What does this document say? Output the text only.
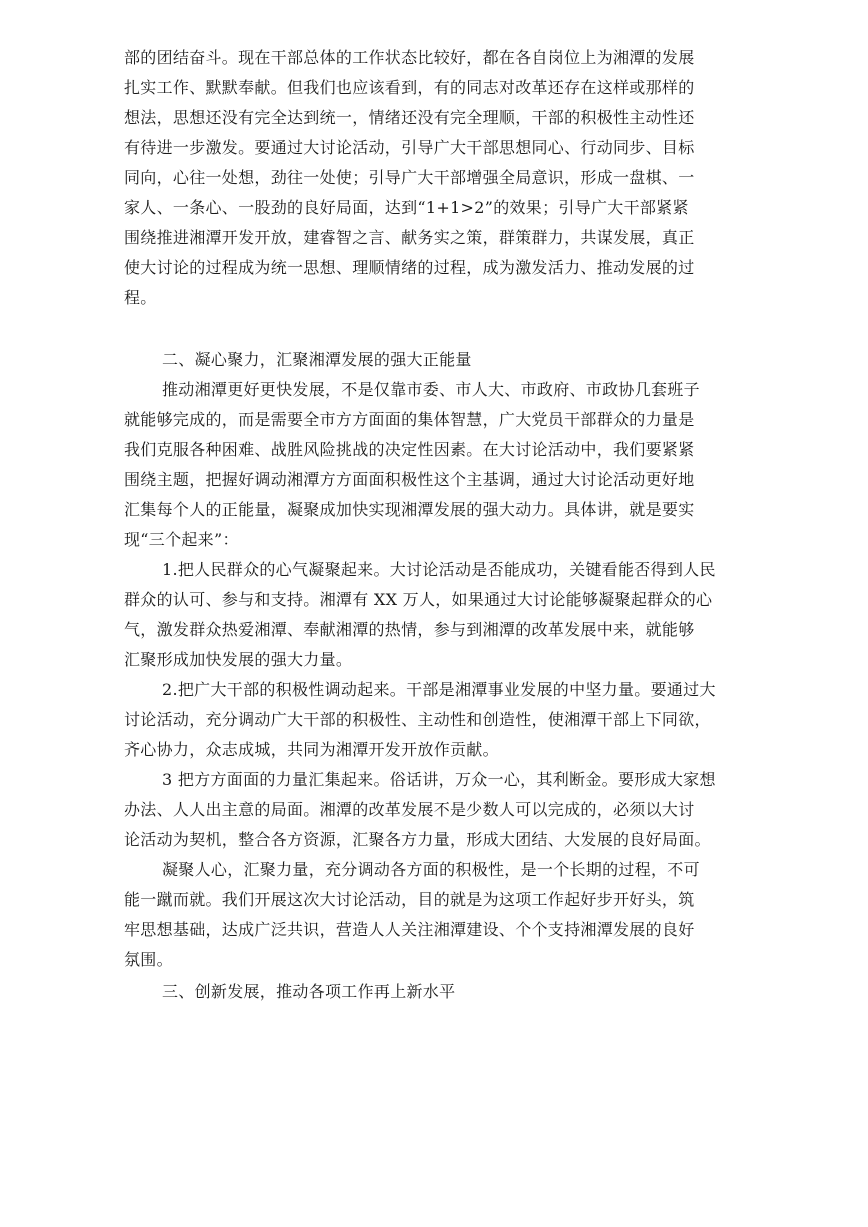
部的团结奋斗。现在干部总体的工作状态比较好，都在各自岗位上为湘潭的发展
扎实工作、默默奉献。但我们也应该看到，有的同志对改革还存在这样或那样的
想法，思想还没有完全达到统一，情绪还没有完全理顺，干部的积极性主动性还
有待进一步激发。要通过大讨论活动，引导广大干部思想同心、行动同步、目标
同向，心往一处想，劲往一处使；引导广大干部增强全局意识，形成一盘棋、一
家人、一条心、一股劲的良好局面，达到“1+1>2”的效果；引导广大干部紧紧
围绕推进湘潭开发开放，建睿智之言、献务实之策，群策群力，共谋发展，真正
使大讨论的过程成为统一思想、理顺情绪的过程，成为激发活力、推动发展的过
程。
二、凝心聚力，汇聚湘潭发展的强大正能量
推动湘潭更好更快发展，不是仅靠市委、市人大、市政府、市政协几套班子
就能够完成的，而是需要全市方方面面的集体智慧，广大党员干部群众的力量是
我们克服各种困难、战胜风险挑战的决定性因素。在大讨论活动中，我们要紧紧
围绕主题，把握好调动湘潭方方面面积极性这个主基调，通过大讨论活动更好地
汇集每个人的正能量，凝聚成加快实现湘潭发展的强大动力。具体讲，就是要实
现“三个起来”：
1.把人民群众的心气凝聚起来。大讨论活动是否能成功，关键看能否得到人民
群众的认可、参与和支持。湘潭有 XX 万人，如果通过大讨论能够凝聚起群众的心
气，激发群众热爱湘潭、奉献湘潭的热情，参与到湘潭的改革发展中来，就能够
汇聚形成加快发展的强大力量。
2.把广大干部的积极性调动起来。干部是湘潭事业发展的中坚力量。要通过大
讨论活动，充分调动广大干部的积极性、主动性和创造性，使湘潭干部上下同欲，
齐心协力，众志成城，共同为湘潭开发开放作贡献。
3 把方方面面的力量汇集起来。俗话讲，万众一心，其利断金。要形成大家想
办法、人人出主意的局面。湘潭的改革发展不是少数人可以完成的，必须以大讨
论活动为契机，整合各方资源，汇聚各方力量，形成大团结、大发展的良好局面。
凝聚人心，汇聚力量，充分调动各方面的积极性，是一个长期的过程，不可
能一蹴而就。我们开展这次大讨论活动，目的就是为这项工作起好步开好头，筑
牢思想基础，达成广泛共识，营造人人关注湘潭建设、个个支持湘潭发展的良好
氛围。
三、创新发展，推动各项工作再上新水平
